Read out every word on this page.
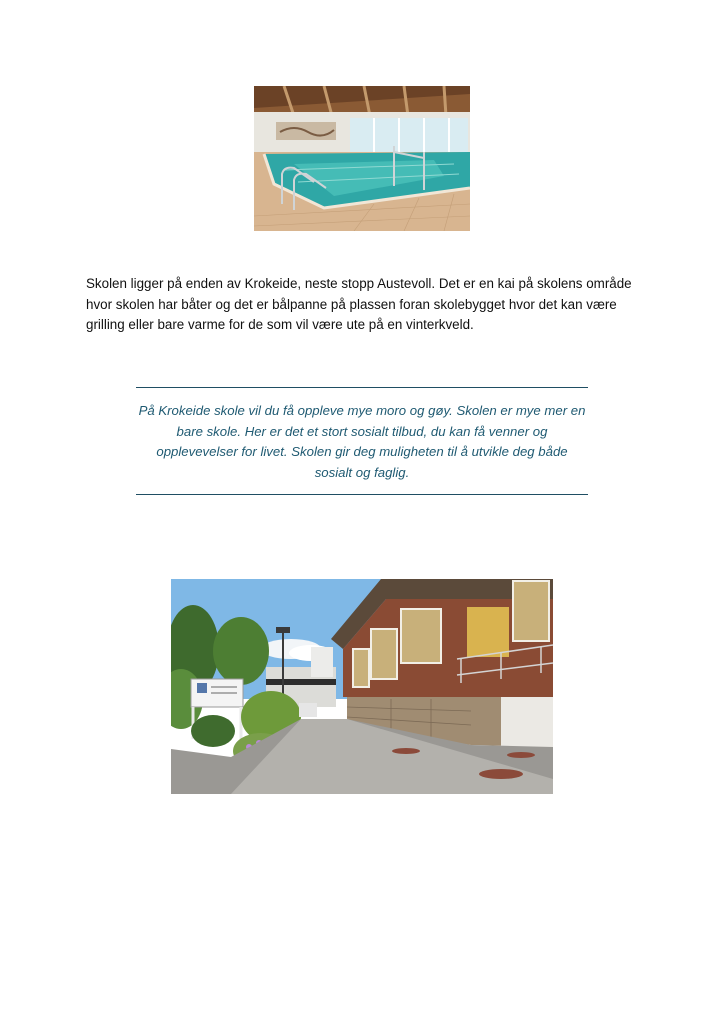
Skolen ligger på enden av Krokeide, neste stopp Austevoll. Det er en kai på skolens område hvor skolen har båter og det er bålpanne på plassen foran skolebygget hvor det kan være grilling eller bare varme for de som vil være ute på en vinterkveld.

På Krokeide skole vil du få oppleve mye moro og gøy. Skolen er mye mer en bare skole. Her er det et stort sosialt tilbud, du kan få venner og opplevevelser for livet. Skolen gir deg muligheten til å utvikle deg både sosialt og faglig.
